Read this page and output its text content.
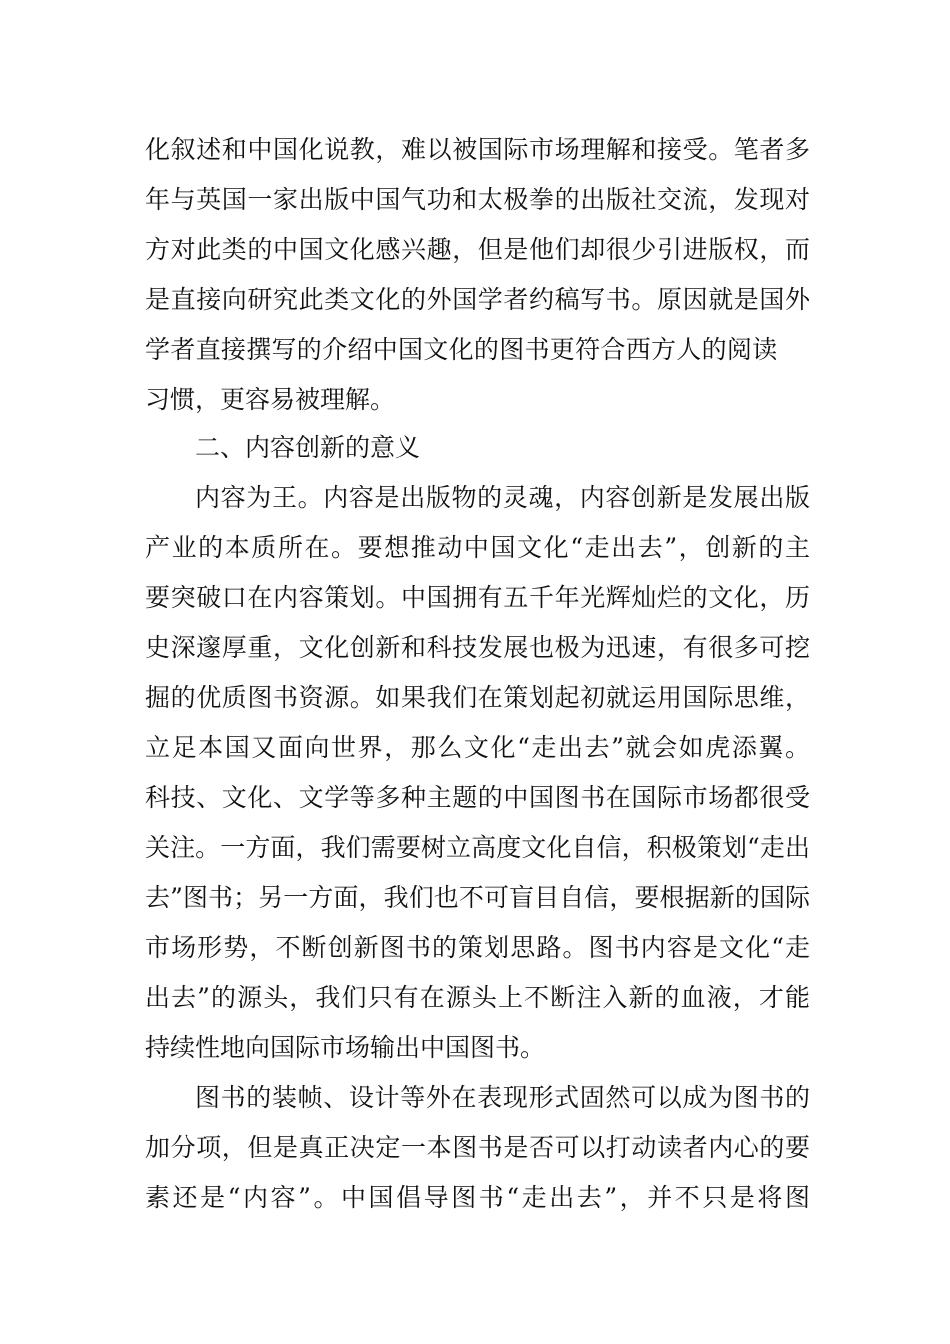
化叙述和中国化说教，难以被国际市场理解和接受。笔者多
年与英国一家出版中国气功和太极拳的出版社交流，发现对
方对此类的中国文化感兴趣，但是他们却很少引进版权，而
是直接向研究此类文化的外国学者约稿写书。原因就是国外
学者直接撰写的介绍中国文化的图书更符合西方人的阅读
习惯，更容易被理解。
二、内容创新的意义
内容为王。内容是出版物的灵魂，内容创新是发展出版
产业的本质所在。要想推动中国文化“走出去”，创新的主
要突破口在内容策划。中国拥有五千年光辉灿烂的文化，历
史深邃厚重，文化创新和科技发展也极为迅速，有很多可挖
掘的优质图书资源。如果我们在策划起初就运用国际思维，
立足本国又面向世界，那么文化“走出去”就会如虎添翼。
科技、文化、文学等多种主题的中国图书在国际市场都很受
关注。一方面，我们需要树立高度文化自信，积极策划“走出
去”图书；另一方面，我们也不可盲目自信，要根据新的国际
市场形势，不断创新图书的策划思路。图书内容是文化“走
出去”的源头，我们只有在源头上不断注入新的血液，才能
持续性地向国际市场输出中国图书。
图书的装帧、设计等外在表现形式固然可以成为图书的
加分项，但是真正决定一本图书是否可以打动读者内心的要
素还是“内容”。中国倡导图书“走出去”，并不只是将图
